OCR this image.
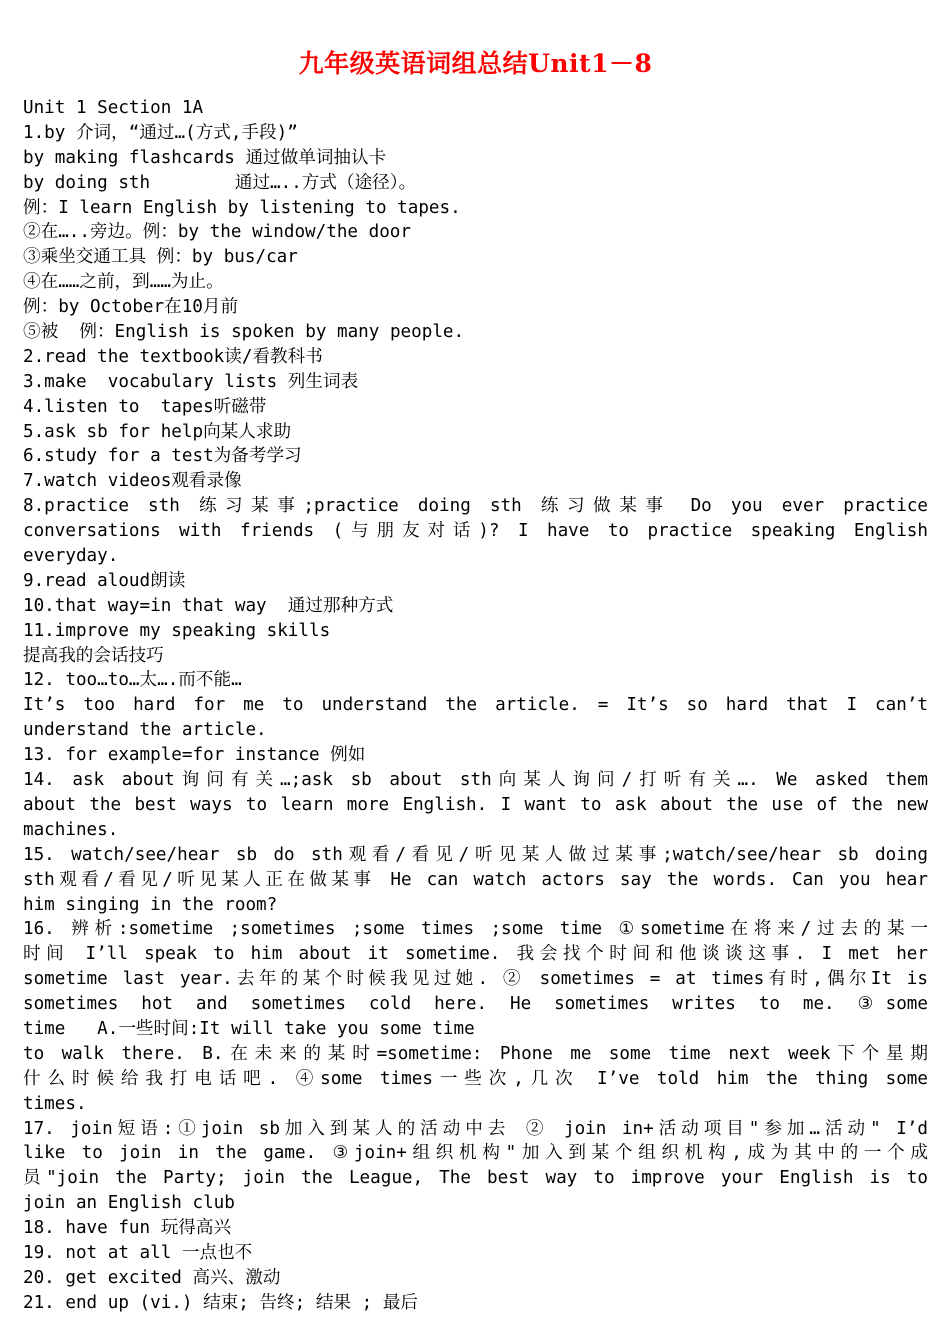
九年级英语词组总结Unit1－8
Unit 1 Section 1A
1.by 介词，“通过…(方式,手段)”
by making flashcards 通过做单词抽认卡
by doing sth        通过…..方式（途径）。
例：I learn English by listening to tapes.
②在…..旁边。例：by the window/the door
③乘坐交通工具 例：by bus/car
④在……之前，到……为止。
例：by October在10月前
⑤被  例：English is spoken by many people.
2.read the textbook读/看教科书
3.make  vocabulary lists 列生词表
4.listen to  tapes听磁带
5.ask sb for help向某人求助
6.study for a test为备考学习
7.watch videos观看录像
8.practice sth 练习某事;practice doing sth 练习做某事 Do you ever practice
conversations with friends (与朋友对话)? I have to practice speaking English
everyday.
9.read aloud朗读
10.that way=in that way  通过那种方式
11.improve my speaking skills
提高我的会话技巧
12. too…to…太….而不能…
It’s too hard for me to understand the article. = It’s so hard that I can’t
understand the article.
13. for example=for instance 例如
14. ask about询问有关…;ask sb about sth向某人询问/打听有关…. We asked them
about the best ways to learn more English. I want to ask about the use of the new
machines.
15. watch/see/hear sb do sth观看/看见/听见某人做过某事;watch/see/hear sb doing
sth观看/看见/听见某人正在做某事 He can watch actors say the words. Can you hear
him singing in the room?
16. 辨析:sometime ;sometimes ;some times ;some time ①sometime在将来/过去的某一
时间 I’ll speak to him about it sometime. 我会找个时间和他谈谈这事. I met her
sometime last year.去年的某个时候我见过她. ② sometimes = at times有时,偶尔It is
sometimes hot and sometimes cold here. He sometimes writes to me. ③some
time   A.一些时间:It will take you some time
to walk there. B.在未来的某时=sometime: Phone me some time next week下个星期
什么时候给我打电话吧. ④some times一些次,几次 I’ve told him the thing some
times.
17. join短语:①join sb加入到某人的活动中去 ② join in+活动项目"参加…活动" I’d
like to join in the game. ③join+组织机构"加入到某个组织机构,成为其中的一个成
员"join the Party; join the League, The best way to improve your English is to
join an English club
18. have fun 玩得高兴
19. not at all 一点也不
20. get excited 高兴、激动
21. end up (vi.) 结束; 告终; 结果 ; 最后
